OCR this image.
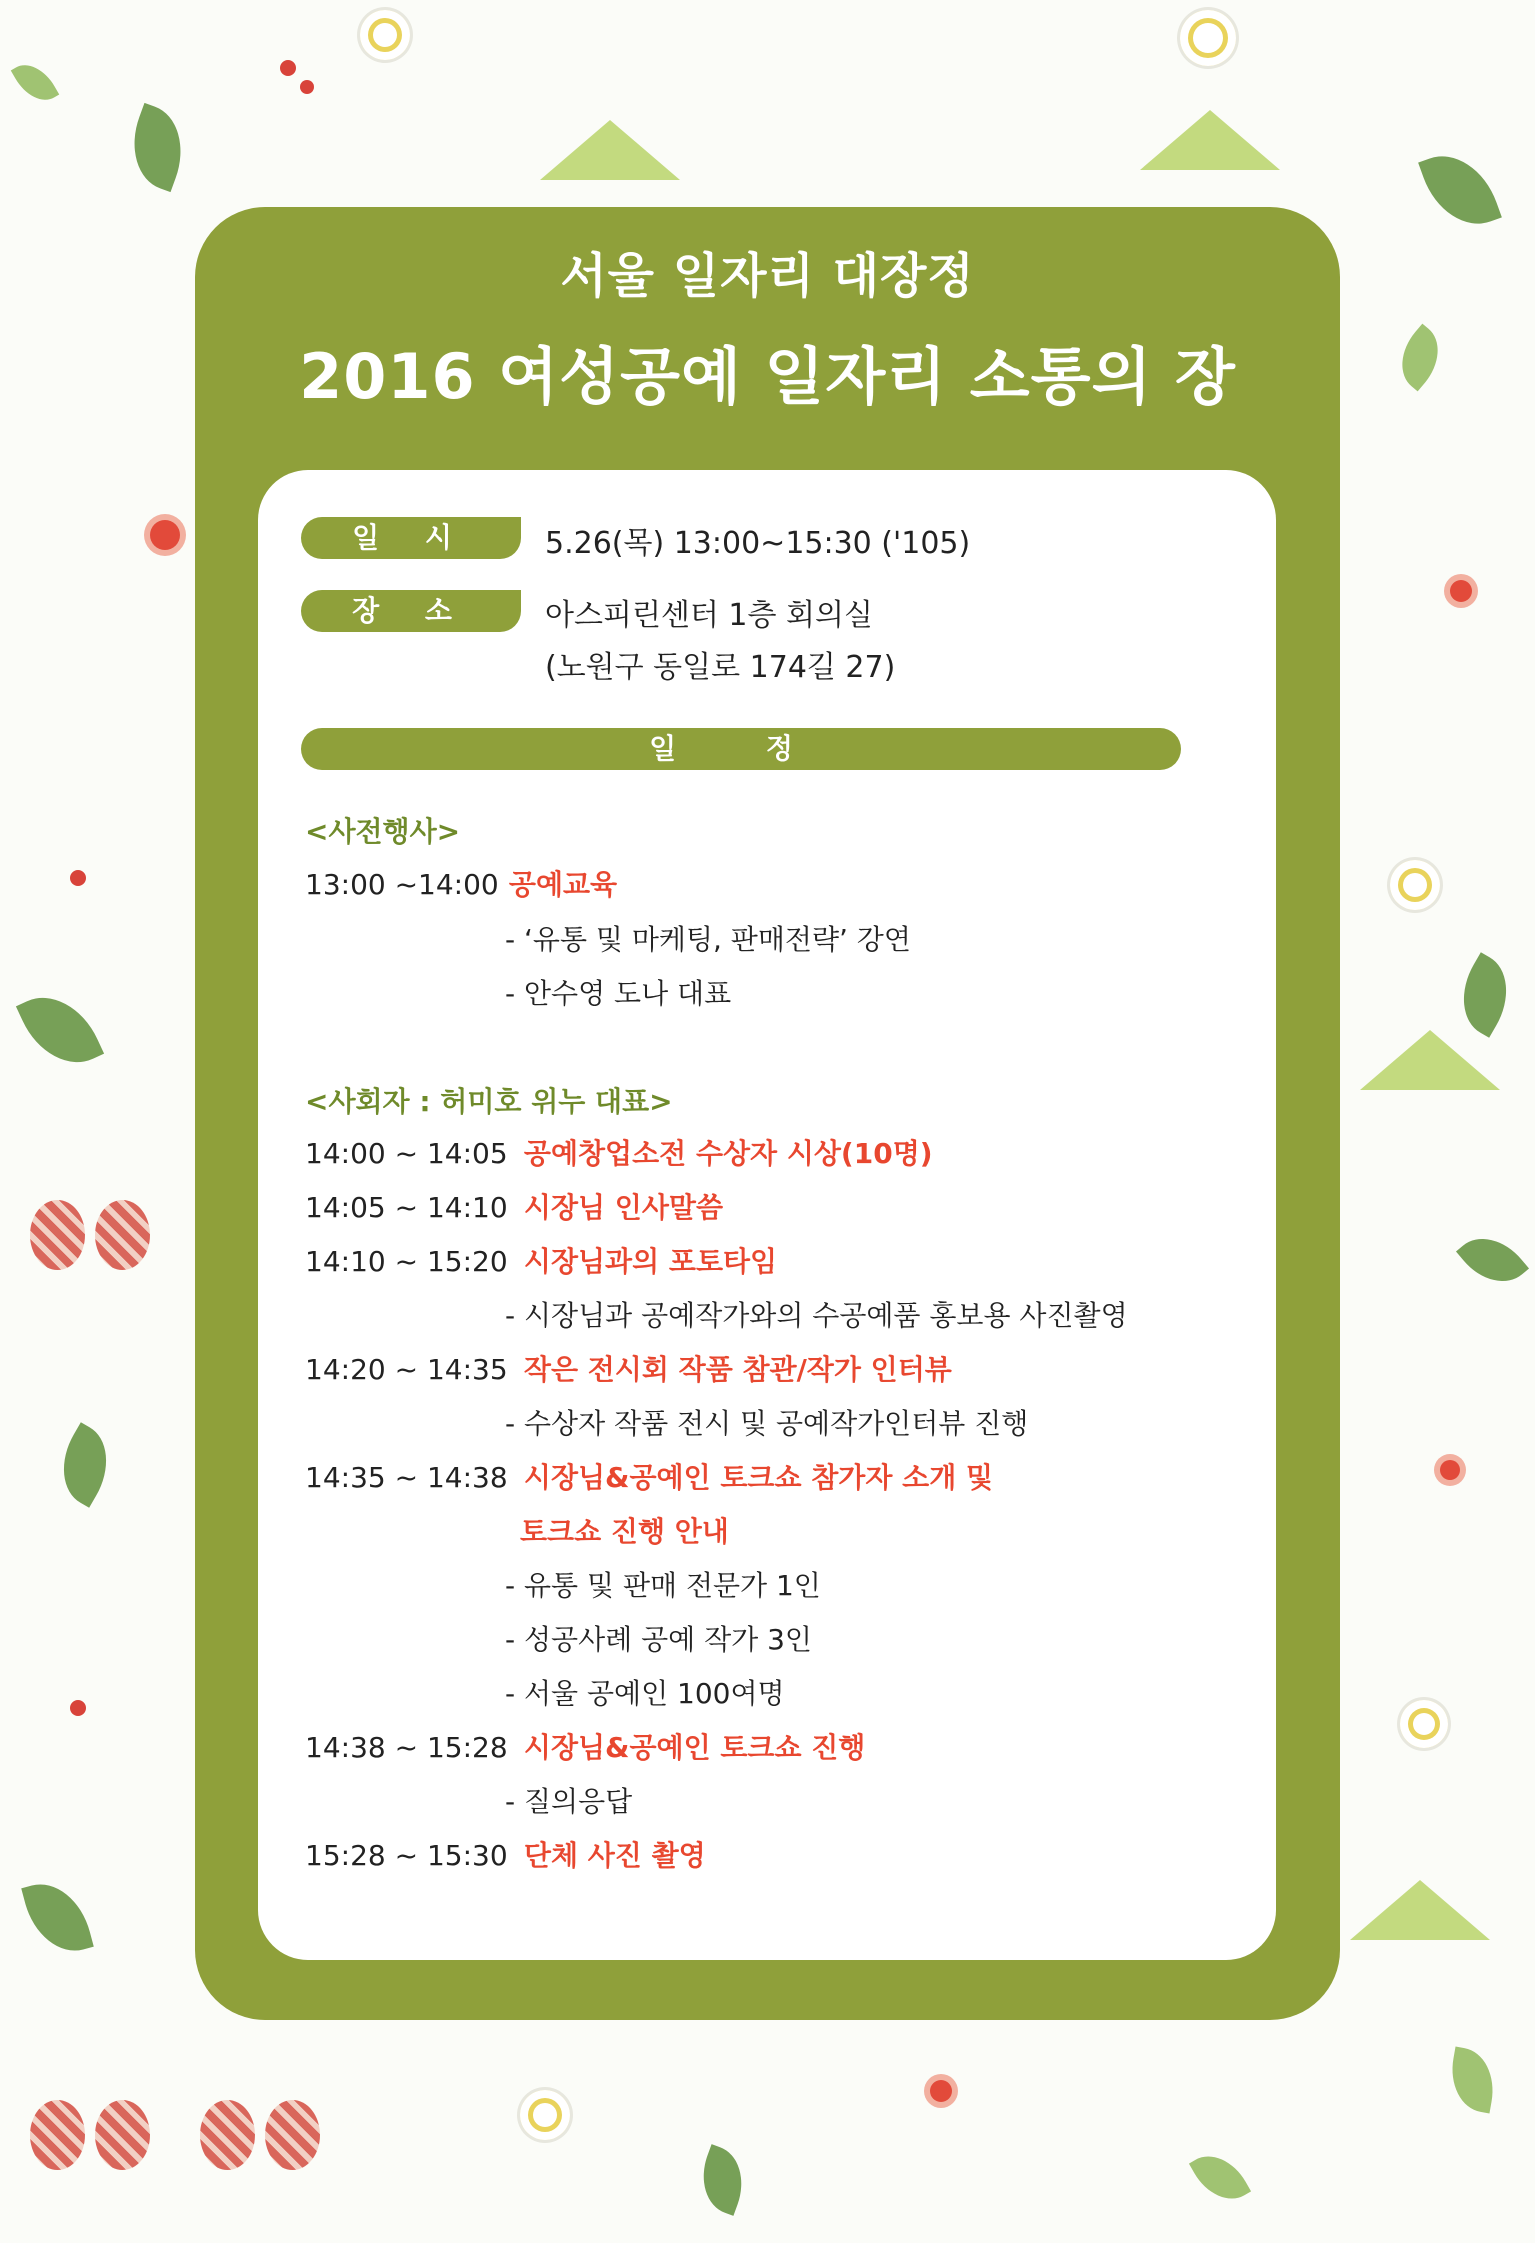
서울 일자리 대장정
2016 여성공예 일자리 소통의 장
일 시	5.26(목) 13:00~15:30 ('105)
장 소	아스피린센터 1층 회의실
(노원구 동일로 174길 27)
일 정
<사전행사>
13:00 ~14:00 공예교육
- ‘유통 및 마케팅, 판매전략’ 강연
- 안수영 도나 대표
<사회자 : 허미호 위누 대표>
14:00 ~ 14:05 공예창업소전 수상자 시상(10명)
14:05 ~ 14:10 시장님 인사말씀
14:10 ~ 15:20 시장님과의 포토타임
- 시장님과 공예작가와의 수공예품 홍보용 사진촬영
14:20 ~ 14:35 작은 전시회 작품 참관/작가 인터뷰
- 수상자 작품 전시 및 공예작가인터뷰 진행
14:35 ~ 14:38 시장님&공예인 토크쇼 참가자 소개 및
토크쇼 진행 안내
- 유통 및 판매 전문가 1인
- 성공사례 공예 작가 3인
- 서울 공예인 100여명
14:38 ~ 15:28 시장님&공예인 토크쇼 진행
- 질의응답
15:28 ~ 15:30 단체 사진 촬영
